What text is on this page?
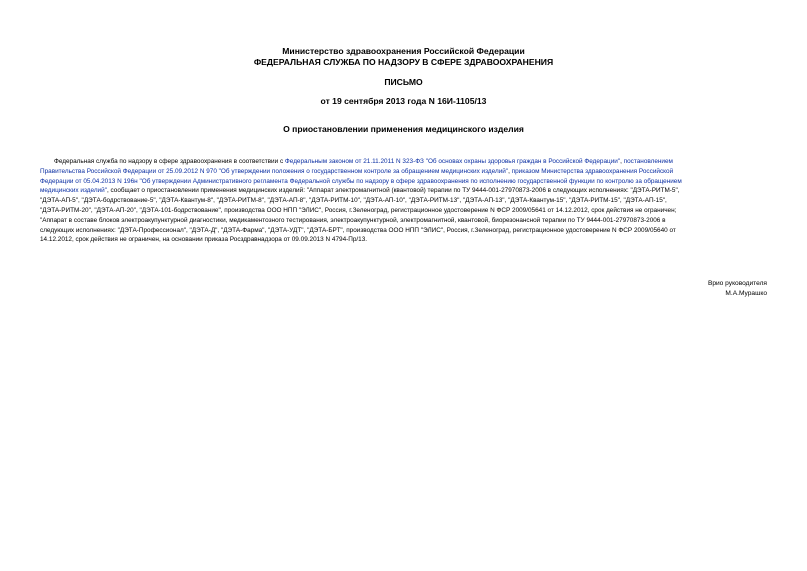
Министерство здравоохранения Российской Федерации
ФЕДЕРАЛЬНАЯ СЛУЖБА ПО НАДЗОРУ В СФЕРЕ ЗДРАВООХРАНЕНИЯ
ПИСЬМО
от 19 сентября 2013 года N 16И-1105/13
О приостановлении применения медицинского изделия
Федеральная служба по надзору в сфере здравоохранения в соответствии с Федеральным законом от 21.11.2011 N 323-ФЗ "Об основах охраны здоровья граждан в Российской Федерации", постановлением
Правительства Российской Федерации от 25.09.2012 N 970 "Об утверждении положения о государственном контроле за обращением медицинских изделий", приказом Министерства здравоохранения Российской
Федерации от 05.04.2013 N 196н "Об утверждении Административного регламента Федеральной службы по надзору в сфере здравоохранения по исполнению государственной функции по контролю за обращением
медицинских изделий", сообщает о приостановлении применения медицинских изделий: "Аппарат электромагнитной (квантовой) терапии по ТУ 9444-001-27970873-2006 в следующих исполнениях: "ДЭТА-РИТМ-5",
"ДЭТА-АП-5", "ДЭТА-бодрствование-5", "ДЭТА-Квантум-8", "ДЭТА-РИТМ-8", "ДЭТА-АП-8", "ДЭТА-РИТМ-10", "ДЭТА-АП-10", "ДЭТА-РИТМ-13", "ДЭТА-АП-13", "ДЭТА-Квантум-15", "ДЭТА-РИТМ-15", "ДЭТА-АП-15",
"ДЭТА-РИТМ-20", "ДЭТА-АП-20", "ДЭТА-101-бодрствование", производства ООО НПП "ЭЛИС", Россия, г.Зеленоград, регистрационное удостоверение N ФСР 2009/05641 от 14.12.2012, срок действия не ограничен;
"Аппарат в составе блоков электроакупунктурной диагностики, медикаментозного тестирования, электроакупунктурной, электромагнитной, квантовой, биорезонансной терапии по ТУ 9444-001-27970873-2006 в
следующих исполнениях: "ДЭТА-Профессионал", "ДЭТА-Д", "ДЭТА-Фарма", "ДЭТА-УДТ", "ДЭТА-БРТ", производства ООО НПП "ЭЛИС", Россия, г.Зеленоград, регистрационное удостоверение N ФСР 2009/05640 от
14.12.2012, срок действия не ограничен, на основании приказа Росздравнадзора от 09.09.2013 N 4794-Пр/13.
Врио руководителя
М.А.Мурашко
